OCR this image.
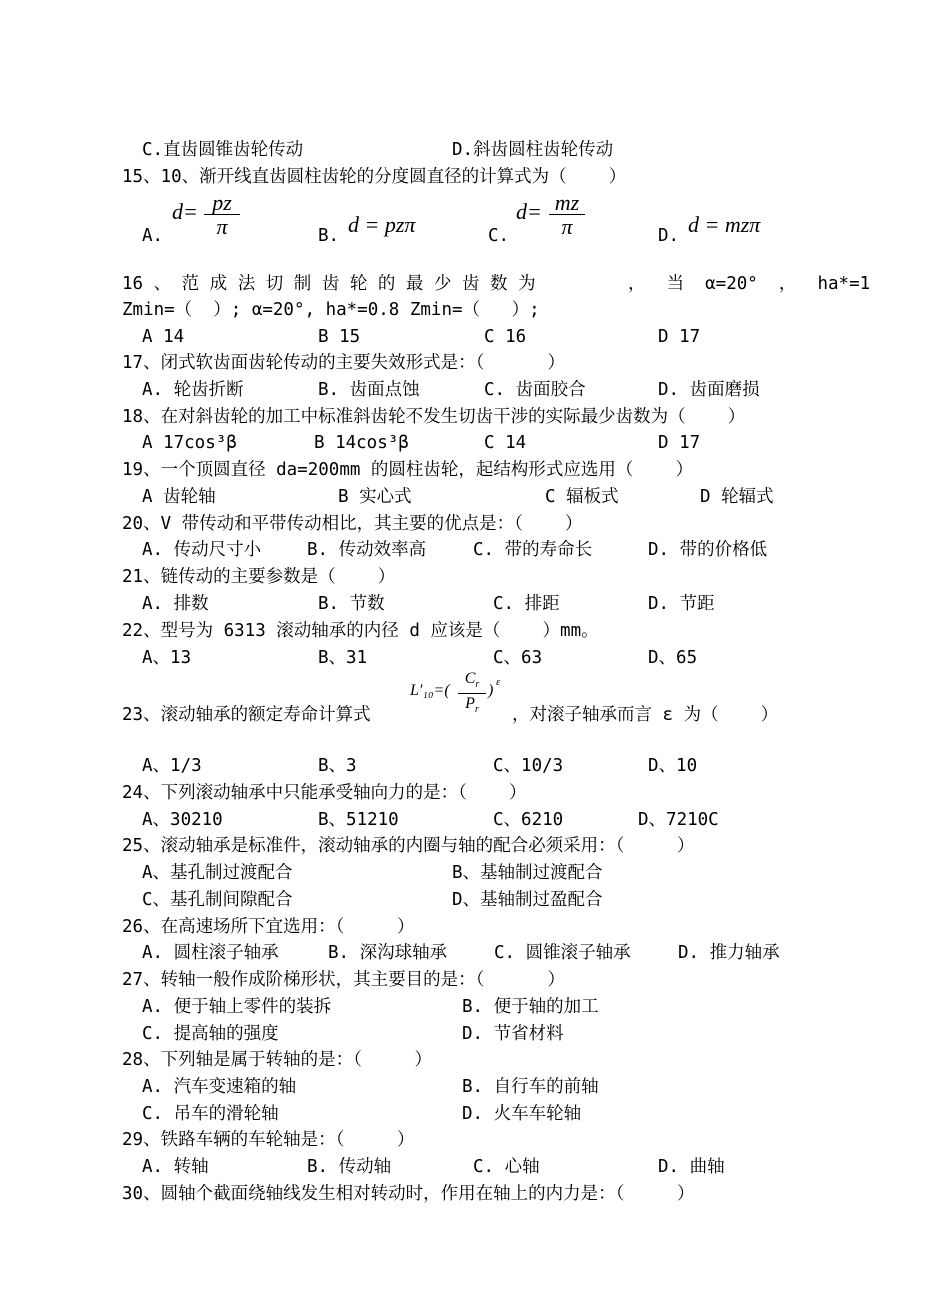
C.直齿圆锥齿轮传动	D.斜齿圆柱齿轮传动
15、10、渐开线直齿圆柱齿轮的分度圆直径的计算式为（    ）
A.
d= pz
π	B. d = pzπ	C.
d= mz
π	D. d = mzπ
16 、 范 成 法 切 制 齿 轮 的 最 少 齿 数 为	，  当  α=20°  ，  ha*=1
Zmin=（  ）; α=20°, ha*=0.8 Zmin=（   ）;
A 14	B 15	C 16	D 17
17、闭式软齿面齿轮传动的主要失效形式是：（      ）
A. 轮齿折断	B. 齿面点蚀	C. 齿面胶合	D. 齿面磨损
18、在对斜齿轮的加工中标准斜齿轮不发生切齿干涉的实际最少齿数为（    ）
A 17cos³β	B 14cos³β	C 14	D 17
19、一个顶圆直径 da=200mm 的圆柱齿轮，起结构形式应选用（    ）
A 齿轮轴	B 实心式	C 辐板式	D 轮辐式
20、V 带传动和平带传动相比，其主要的优点是：（    ）
A. 传动尺寸小	B. 传动效率高	C. 带的寿命长	D. 带的价格低
21、链传动的主要参数是（    ）
A. 排数	B. 节数	C. 排距	D. 节距
22、型号为 6313 滚动轴承的内径 d 应该是（    ）mm。
A、13	B、31	C、63	D、65
23、滚动轴承的额定寿命计算式
L′₁₀=(
$C_r$
$P_r$
) ε
，对滚子轴承而言 ε 为（    ）
A、1/3	B、3	C、10/3	D、10
24、下列滚动轴承中只能承受轴向力的是：（    ）
A、30210	B、51210	C、6210	D、7210C
25、滚动轴承是标准件，滚动轴承的内圈与轴的配合必须采用：（     ）
A、基孔制过渡配合	B、基轴制过渡配合
C、基孔制间隙配合	D、基轴制过盈配合
26、在高速场所下宜选用：（     ）
A. 圆柱滚子轴承	B. 深沟球轴承	C. 圆锥滚子轴承	D. 推力轴承
27、转轴一般作成阶梯形状，其主要目的是：（      ）
A. 便于轴上零件的装拆	B. 便于轴的加工
C. 提高轴的强度	D. 节省材料
28、下列轴是属于转轴的是：（     ）
A. 汽车变速箱的轴	B. 自行车的前轴
C. 吊车的滑轮轴	D. 火车车轮轴
29、铁路车辆的车轮轴是：（     ）
A. 转轴	B. 传动轴	C. 心轴	D. 曲轴
30、圆轴个截面绕轴线发生相对转动时，作用在轴上的内力是：（     ）
